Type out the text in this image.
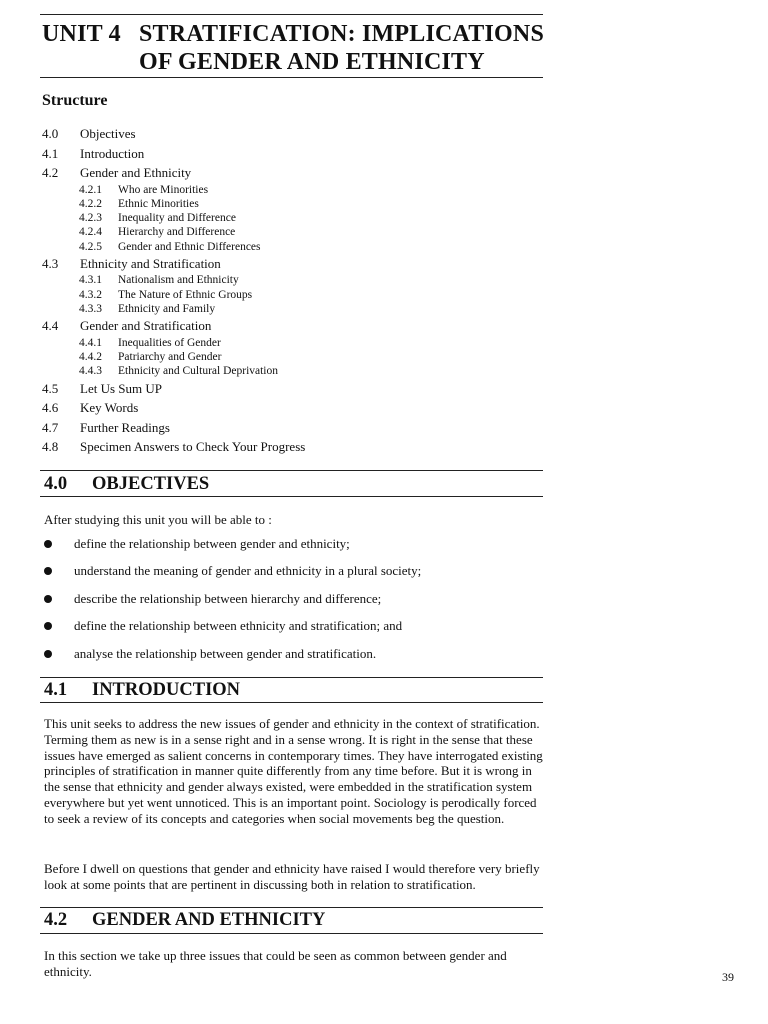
UNIT 4 STRATIFICATION: IMPLICATIONS
OF GENDER AND ETHNICITY
Structure
4.0 Objectives
4.1 Introduction
4.2 Gender and Ethnicity
4.2.1 Who are Minorities
4.2.2 Ethnic Minorities
4.2.3 Inequality and Difference
4.2.4 Hierarchy and Difference
4.2.5 Gender and Ethnic Differences
4.3 Ethnicity and Stratification
4.3.1 Nationalism and Ethnicity
4.3.2 The Nature of Ethnic Groups
4.3.3 Ethnicity and Family
4.4 Gender and Stratification
4.4.1 Inequalities of Gender
4.4.2 Patriarchy and Gender
4.4.3 Ethnicity and Cultural Deprivation
4.5 Let Us Sum UP
4.6 Key Words
4.7 Further Readings
4.8 Specimen Answers to Check Your Progress
4.0 OBJECTIVES

After studying this unit you will be able to :

define the relationship between gender and ethnicity;
understand the meaning of gender and ethnicity in a plural society;
describe the relationship between hierarchy and difference;
define the relationship between ethnicity and stratification; and
analyse the relationship between gender and stratification.
4.1 INTRODUCTION

This unit seeks to address the new issues of gender and ethnicity in the context of stratification. Terming them as new is in a sense right and in a sense wrong. It is right in the sense that these issues have emerged as salient concerns in contemporary times. They have interrogated existing principles of stratification in manner quite differently from any time before. But it is wrong in the sense that ethnicity and gender always existed, were embedded in the stratification system everywhere but yet went unnoticed. This is an important point. Sociology is perodically forced to seek a review of its concepts and categories when social movements beg the question.

Before I dwell on questions that gender and ethnicity have raised I would therefore very briefly look at some points that are pertinent in discussing both in relation to stratification.

4.2 GENDER AND ETHNICITY

In this section we take up three issues that could be seen as common between gender and ethnicity.	39
